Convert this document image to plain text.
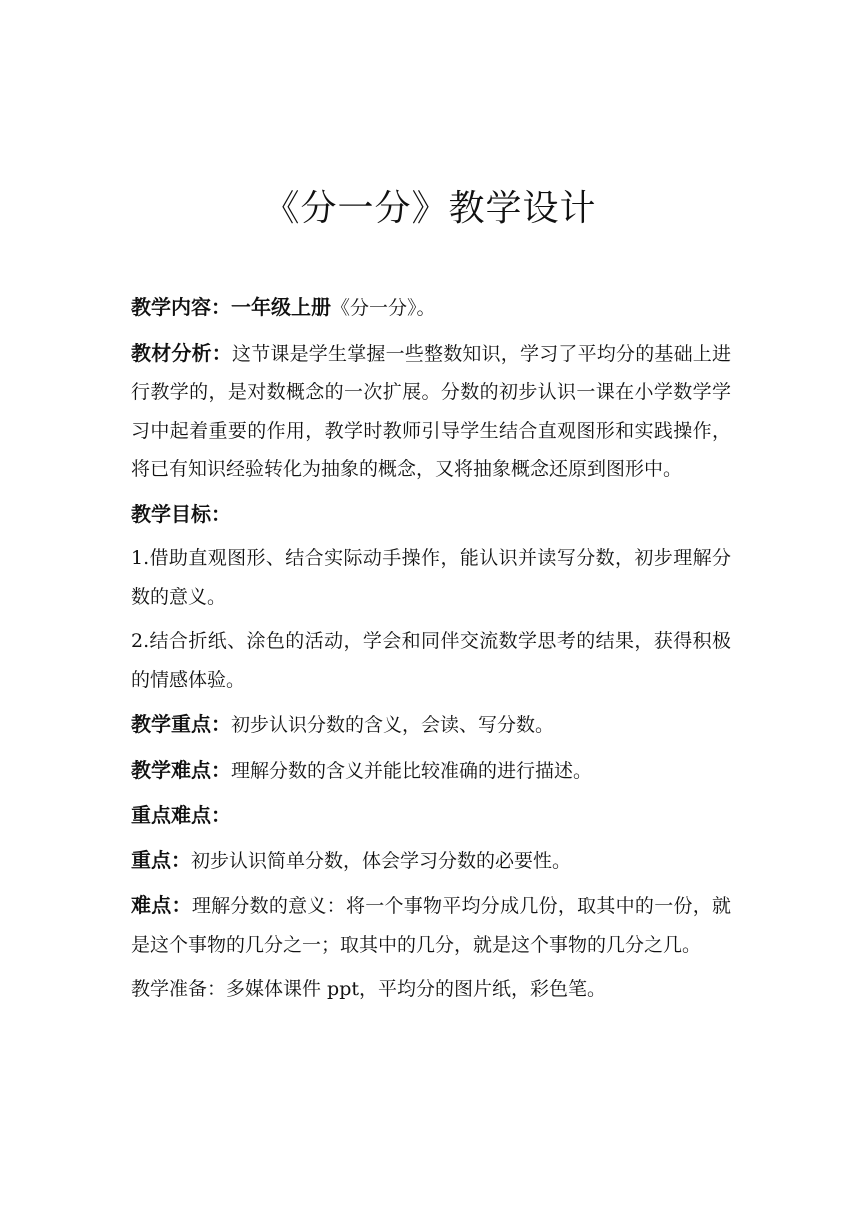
《分一分》教学设计

教学内容：一年级上册《分一分》。

教材分析：这节课是学生掌握一些整数知识，学习了平均分的基础上进行教学的，是对数概念的一次扩展。分数的初步认识一课在小学数学学习中起着重要的作用，教学时教师引导学生结合直观图形和实践操作，将已有知识经验转化为抽象的概念，又将抽象概念还原到图形中。

教学目标：

1.借助直观图形、结合实际动手操作，能认识并读写分数，初步理解分数的意义。

2.结合折纸、涂色的活动，学会和同伴交流数学思考的结果，获得积极的情感体验。

教学重点：初步认识分数的含义，会读、写分数。

教学难点：理解分数的含义并能比较准确的进行描述。

重点难点：

重点：初步认识简单分数，体会学习分数的必要性。

难点：理解分数的意义：将一个事物平均分成几份，取其中的一份，就是这个事物的几分之一；取其中的几分，就是这个事物的几分之几。

教学准备：多媒体课件 ppt，平均分的图片纸，彩色笔。
